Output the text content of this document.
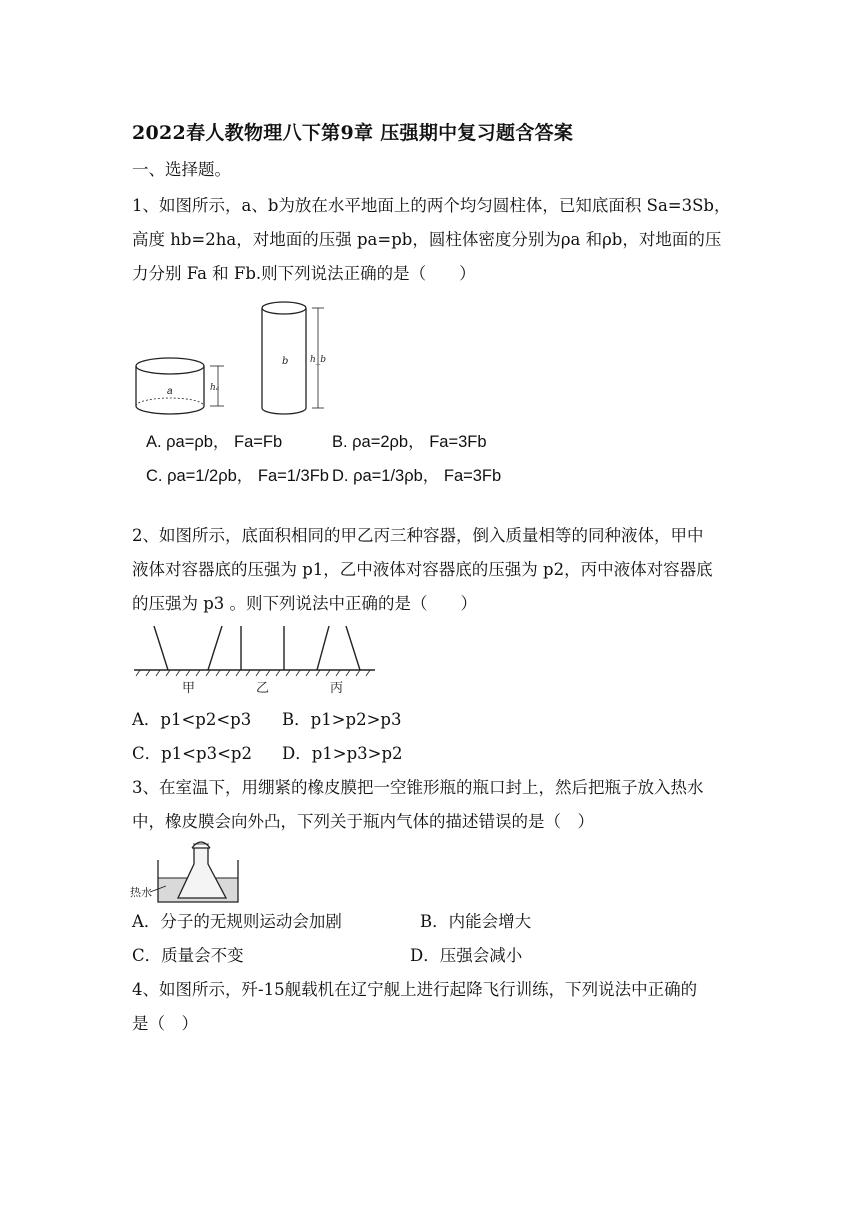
2022春人教物理八下第9章 压强期中复习题含答案
一、选择题。
1、如图所示，a、b为放在水平地面上的两个均匀圆柱体，已知底面积 Sa=3Sb，
高度 hb=2ha，对地面的压强 pa=pb，圆柱体密度分别为ρa 和ρb，对地面的压
力分别 Fa 和 Fb.则下列说法正确的是（　　）
a	hₐ
b h_b
A. ρa=ρb， Fa=Fb	B. ρa=2ρb， Fa=3Fb
C. ρa=1/2ρb， Fa=1/3Fb D. ρa=1/3ρb， Fa=3Fb
2、如图所示，底面积相同的甲乙丙三种容器，倒入质量相等的同种液体，甲中
液体对容器底的压强为 p1，乙中液体对容器底的压强为 p2，丙中液体对容器底
的压强为 p3 。则下列说法中正确的是（　　）
甲	乙	丙
A．p1<p2<p3 B．p1>p2>p3
C．p1<p3<p2 D．p1>p3>p2
3、在室温下，用绷紧的橡皮膜把一空锥形瓶的瓶口封上，然后把瓶子放入热水
中，橡皮膜会向外凸，下列关于瓶内气体的描述错误的是（　）
热水
A．分子的无规则运动会加剧	B．内能会增大
C．质量会不变	D．压强会减小
4、如图所示，歼-15舰载机在辽宁舰上进行起降飞行训练，下列说法中正确的
是（　）
